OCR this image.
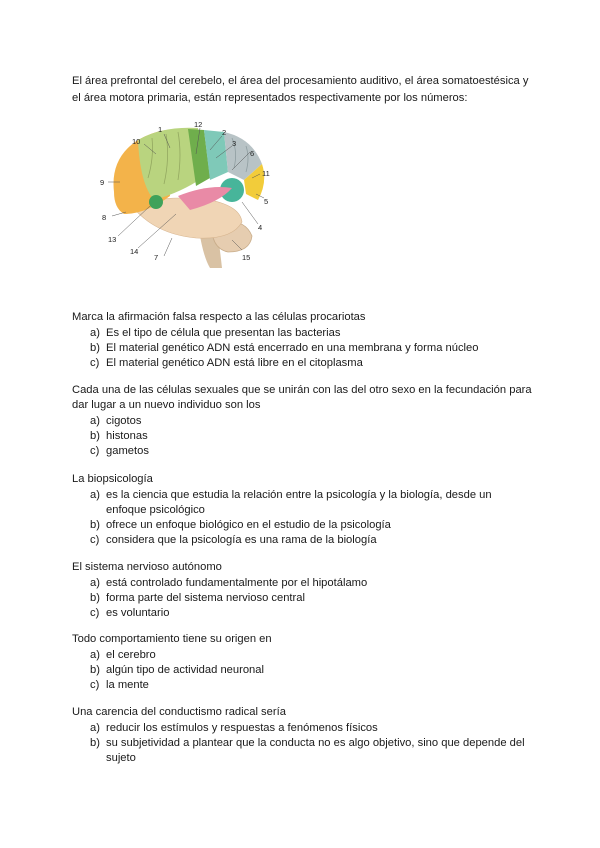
El área prefrontal del cerebelo, el área del procesamiento auditivo, el área somatoestésica y el área motora primaria, están representados respectivamente por los números:
1
12
2
3
6
10
11
9
5
8
13
4
14
7	15
Marca la afirmación falsa respecto a las células procariotas
a) Es el tipo de célula que presentan las bacterias
b) El material genético ADN está encerrado en una membrana y forma núcleo
c) El material genético ADN está libre en el citoplasma
Cada una de las células sexuales que se unirán con las del otro sexo en la fecundación para dar lugar a un nuevo individuo son los
a) cigotos
b) histonas
c) gametos
La biopsicología
a) es la ciencia que estudia la relación entre la psicología y la biología, desde un enfoque psicológico
b) ofrece un enfoque biológico en el estudio de la psicología
c) considera que la psicología es una rama de la biología
El sistema nervioso autónomo
a) está controlado fundamentalmente por el hipotálamo
b) forma parte del sistema nervioso central
c) es voluntario
Todo comportamiento tiene su origen en
a) el cerebro
b) algún tipo de actividad neuronal
c) la mente
Una carencia del conductismo radical sería
a) reducir los estímulos y respuestas a fenómenos físicos
b) su subjetividad a plantear que la conducta no es algo objetivo, sino que depende del sujeto
